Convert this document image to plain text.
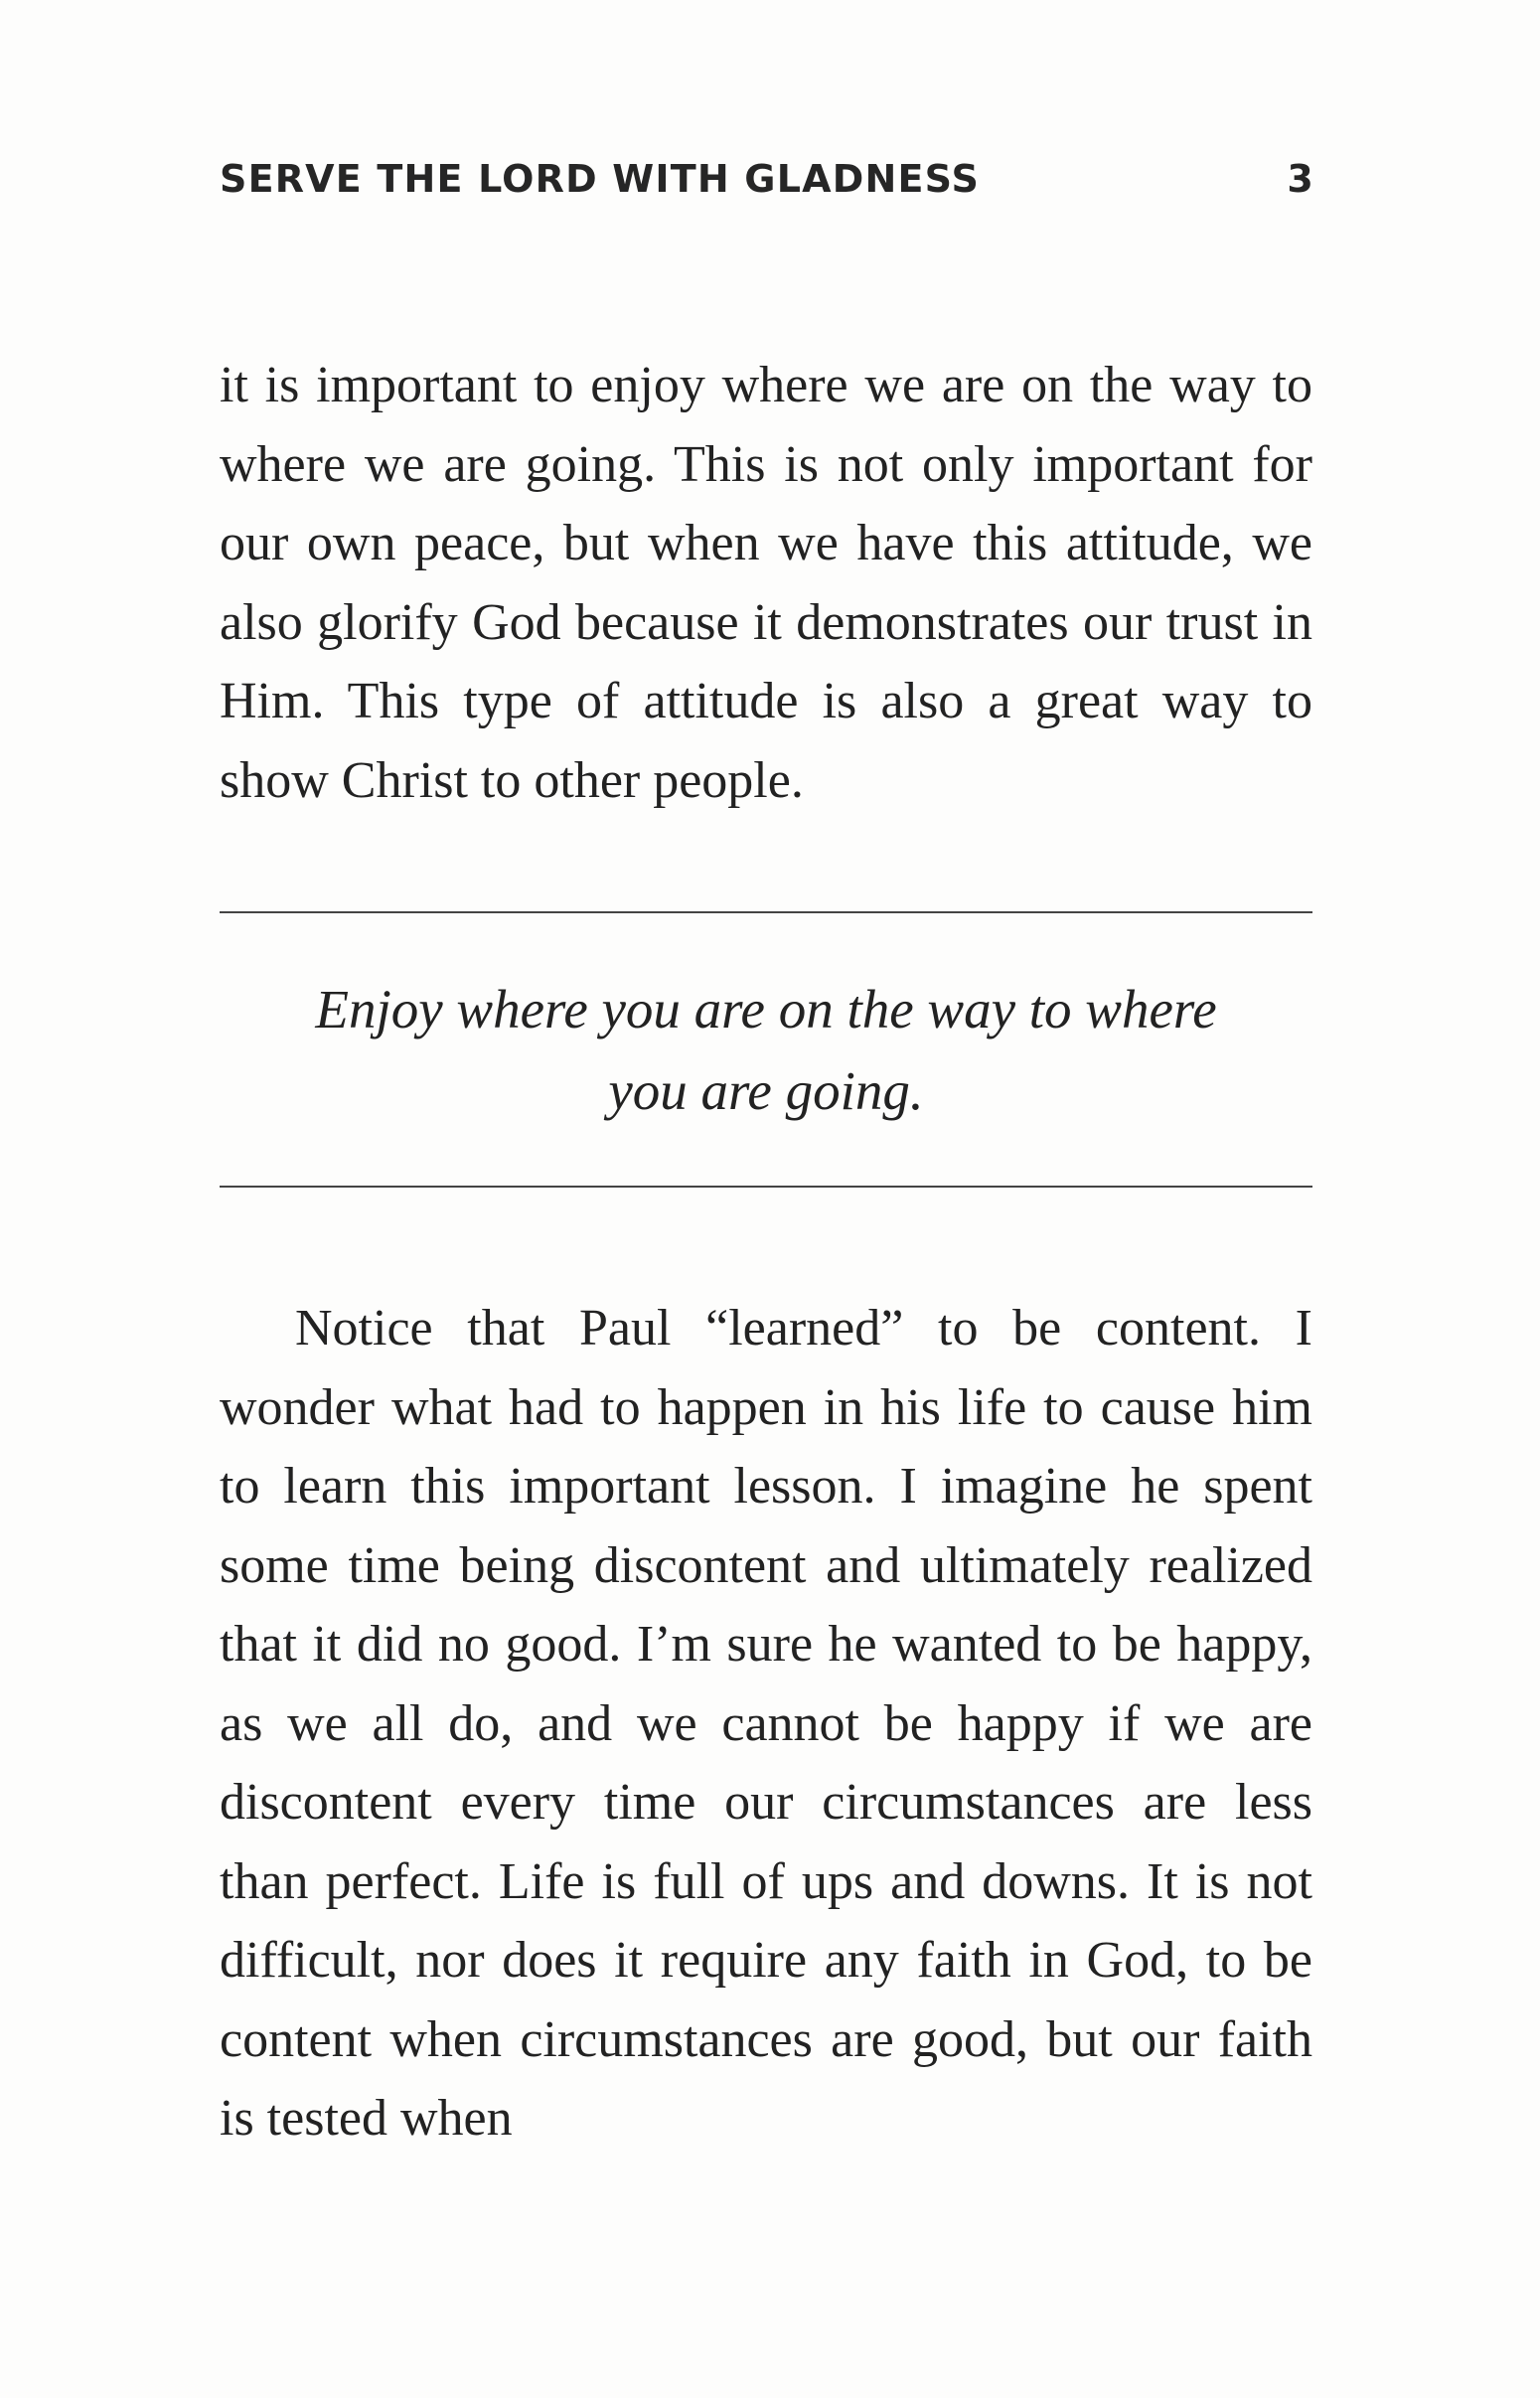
SERVE THE LORD WITH GLADNESS	3

it is important to enjoy where we are on the way to where we are going. This is not only important for our own peace, but when we have this attitude, we also glorify God because it demonstrates our trust in Him. This type of attitude is also a great way to show Christ to other people.

Enjoy where you are on the way to where
you are going.

Notice that Paul “learned” to be content. I wonder what had to happen in his life to cause him to learn this important lesson. I imagine he spent some time being discontent and ultimately realized that it did no good. I’m sure he wanted to be happy, as we all do, and we cannot be happy if we are discontent every time our circumstances are less than perfect. Life is full of ups and downs. It is not difficult, nor does it require any faith in God, to be content when circumstances are good, but our faith is tested when
